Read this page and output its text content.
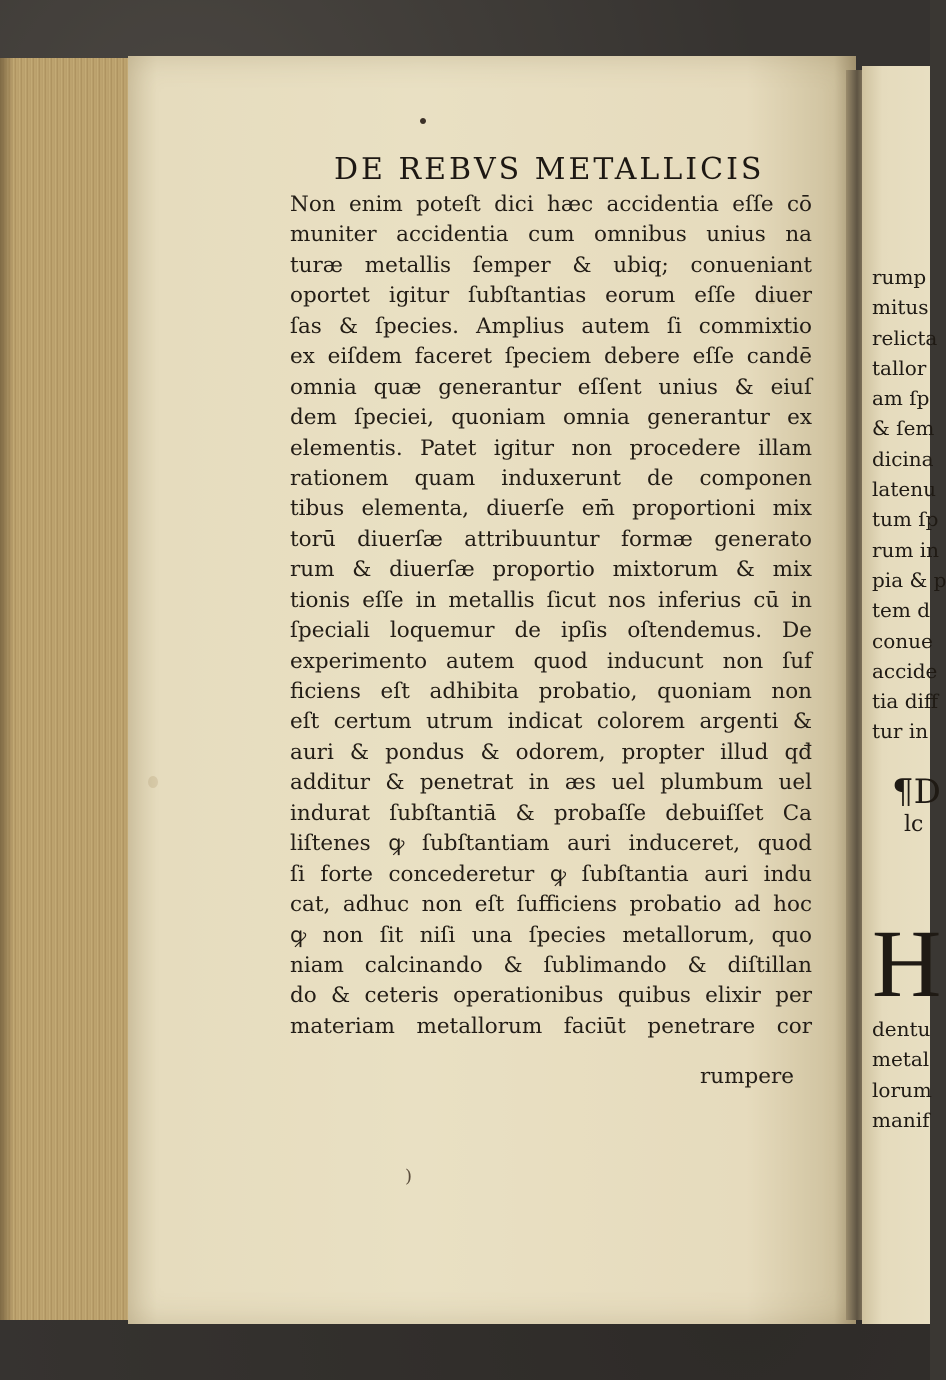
rump
mitus
relicta
tallor
am ſp
& ſem
dicina
latenu
tum ſp
rum in
pia & p
tem d
conue
accide
tia diff
tur in
¶D
lc
H
dentu
metal
lorum
manif
DE REBVS METALLICIS
Non enim poteſt dici hæc accidentia eſſe cō
muniter accidentia cum omnibus unius na
turæ metallis ſemper & ubiq; conueniant
oportet igitur ſubſtantias eorum eſſe diuer
ſas & ſpecies. Amplius autem ſi commixtio
ex eiſdem faceret ſpeciem debere eſſe candē
omnia quæ generantur eſſent unius & eiuſ
dem ſpeciei, quoniam omnia generantur ex
elementis. Patet igitur non procedere illam
rationem quam induxerunt de componen
tibus elementa, diuerſe em̄ proportioni mix
torū diuerſæ attribuuntur formæ generato
rum & diuerſæ proportio mixtorum & mix
tionis eſſe in metallis ſicut nos inferius cū in
ſpeciali loquemur de ipſis oſtendemus. De
experimento autem quod inducunt non ſuf
ficiens eſt adhibita probatio, quoniam non
eſt certum utrum indicat colorem argenti &
auri & pondus & odorem, propter illud qđ
additur & penetrat in æs uel plumbum uel
indurat ſubſtantiā & probaſſe debuiſſet Ca
liſtenes ꝙ ſubſtantiam auri induceret, quod
ſi forte concederetur ꝙ ſubſtantia auri indu
cat, adhuc non eſt ſufficiens probatio ad hoc
ꝙ non ſit niſi una ſpecies metallorum, quo
niam calcinando & ſublimando & diſtillan
do & ceteris operationibus quibus elixir per
materiam metallorum faciūt penetrare cor
rumpere
)
